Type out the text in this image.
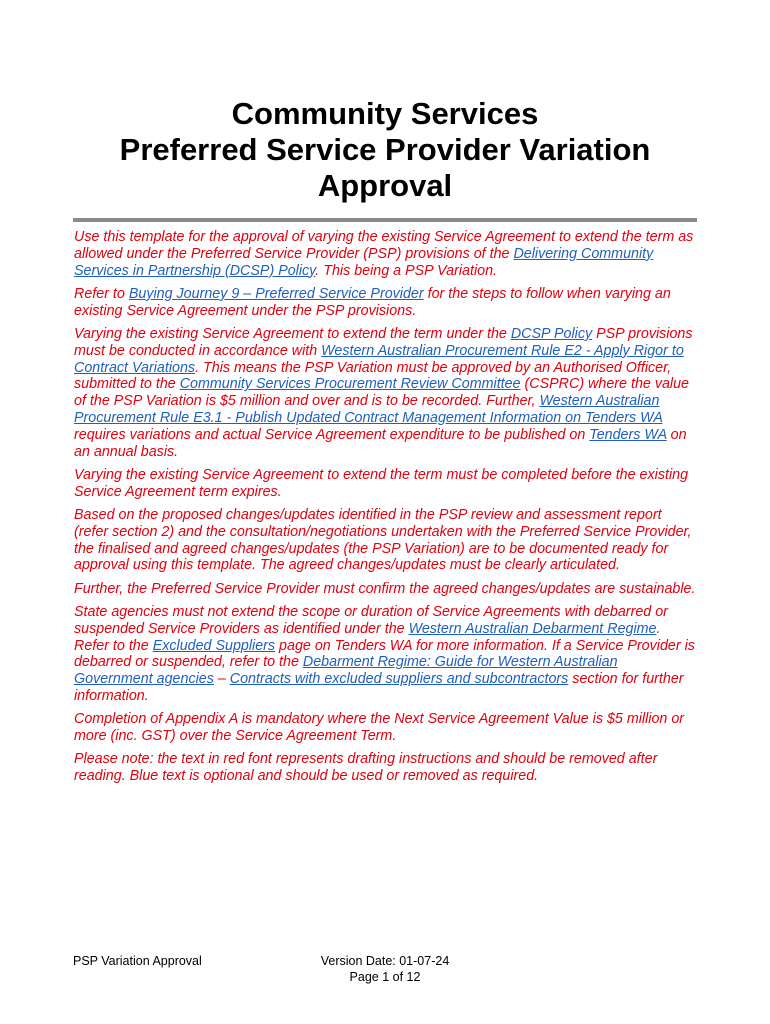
Community Services
Preferred Service Provider Variation
Approval

Use this template for the approval of varying the existing Service Agreement to extend the term as allowed under the Preferred Service Provider (PSP) provisions of the Delivering Community Services in Partnership (DCSP) Policy. This being a PSP Variation.

Refer to Buying Journey 9 – Preferred Service Provider for the steps to follow when varying an existing Service Agreement under the PSP provisions.

Varying the existing Service Agreement to extend the term under the DCSP Policy PSP provisions must be conducted in accordance with Western Australian Procurement Rule E2 - Apply Rigor to Contract Variations. This means the PSP Variation must be approved by an Authorised Officer, submitted to the Community Services Procurement Review Committee (CSPRC) where the value of the PSP Variation is $5 million and over and is to be recorded. Further, Western Australian Procurement Rule E3.1 - Publish Updated Contract Management Information on Tenders WA requires variations and actual Service Agreement expenditure to be published on Tenders WA on an annual basis.

Varying the existing Service Agreement to extend the term must be completed before the existing Service Agreement term expires.

Based on the proposed changes/updates identified in the PSP review and assessment report (refer section 2) and the consultation/negotiations undertaken with the Preferred Service Provider, the finalised and agreed changes/updates (the PSP Variation) are to be documented ready for approval using this template. The agreed changes/updates must be clearly articulated.

Further, the Preferred Service Provider must confirm the agreed changes/updates are sustainable.

State agencies must not extend the scope or duration of Service Agreements with debarred or suspended Service Providers as identified under the Western Australian Debarment Regime. Refer to the Excluded Suppliers page on Tenders WA for more information. If a Service Provider is debarred or suspended, refer to the Debarment Regime: Guide for Western Australian Government agencies – Contracts with excluded suppliers and subcontractors section for further information.

Completion of Appendix A is mandatory where the Next Service Agreement Value is $5 million or more (inc. GST) over the Service Agreement Term.

Please note: the text in red font represents drafting instructions and should be removed after reading. Blue text is optional and should be used or removed as required.

PSP Variation Approval	Version Date: 01-07-24
Page 1 of 12
